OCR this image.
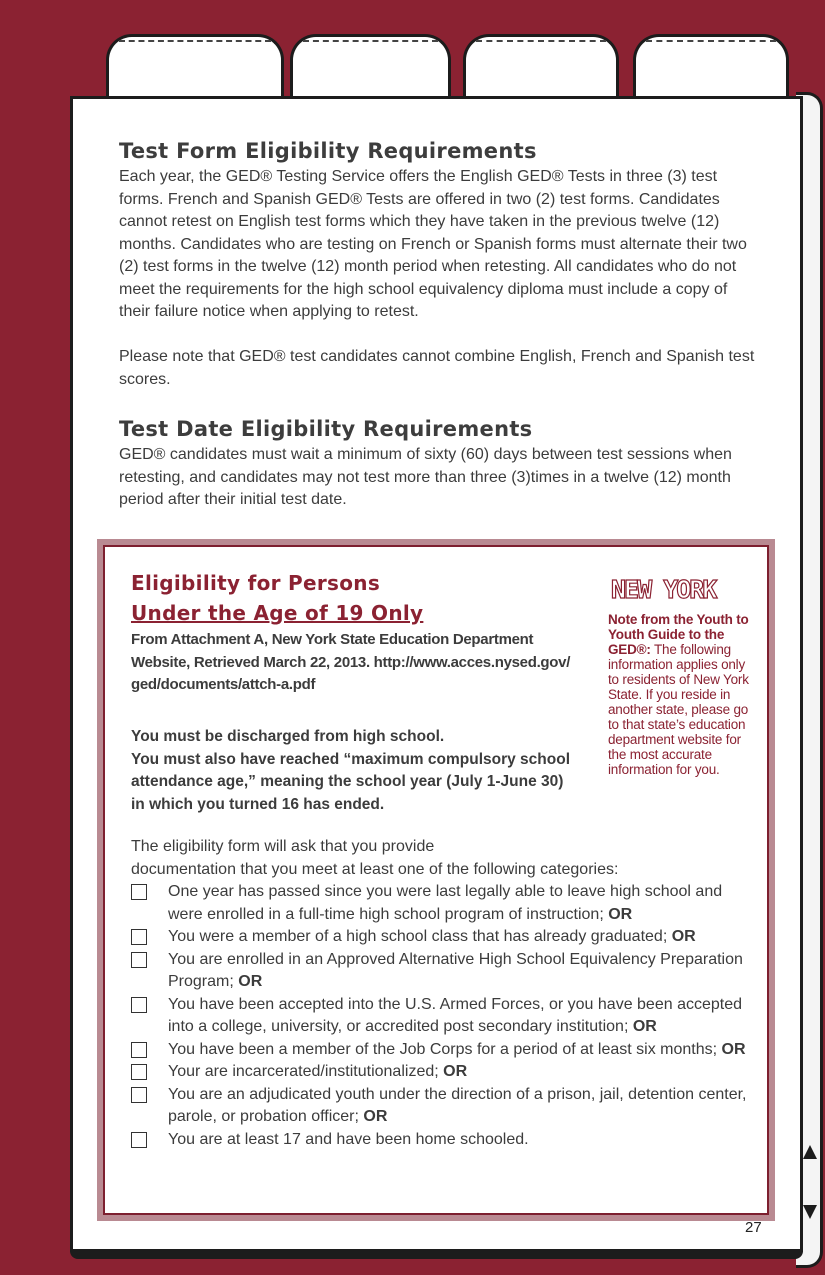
Test Form Eligibility Requirements

Each year, the GED® Testing Service offers the English GED® Tests in three (3) test forms. French and Spanish GED® Tests are offered in two (2) test forms. Candidates cannot retest on English test forms which they have taken in the previous twelve (12) months. Candidates who are testing on French or Spanish forms must alternate their two (2) test forms in the twelve (12) month period when retesting. All candidates who do not meet the requirements for the high school equivalency diploma must include a copy of their failure notice when applying to retest.

Please note that GED® test candidates cannot combine English, French and Spanish test scores.

Test Date Eligibility Requirements

GED® candidates must wait a minimum of sixty (60) days between test sessions when retesting, and candidates may not test more than three (3)times in a twelve (12) month period after their initial test date.

Eligibility for Persons
Under the Age of 19 Only

From Attachment A, New York State Education Department Website, Retrieved March 22, 2013. http://www.acces.nysed.gov/ ged/documents/attch-a.pdf

You must be discharged from high school.
You must also have reached “maximum compulsory school attendance age,” meaning the school year (July 1-June 30) in which you turned 16 has ended.
NEW YORK

Note from the Youth to Youth Guide to the GED®: The following information applies only to residents of New York State. If you reside in another state, please go to that state’s education department website for the most accurate information for you.

The eligibility form will ask that you provide
documentation that you meet at least one of the following categories:
One year has passed since you were last legally able to leave high school and were enrolled in a full-time high school program of instruction; OR
You were a member of a high school class that has already graduated; OR
You are enrolled in an Approved Alternative High School Equivalency Preparation Program; OR
You have been accepted into the U.S. Armed Forces, or you have been accepted into a college, university, or accredited post secondary institution; OR
You have been a member of the Job Corps for a period of at least six months; OR
Your are incarcerated/institutionalized; OR
You are an adjudicated youth under the direction of a prison, jail, detention center, parole, or probation officer; OR
You are at least 17 and have been home schooled.
27
